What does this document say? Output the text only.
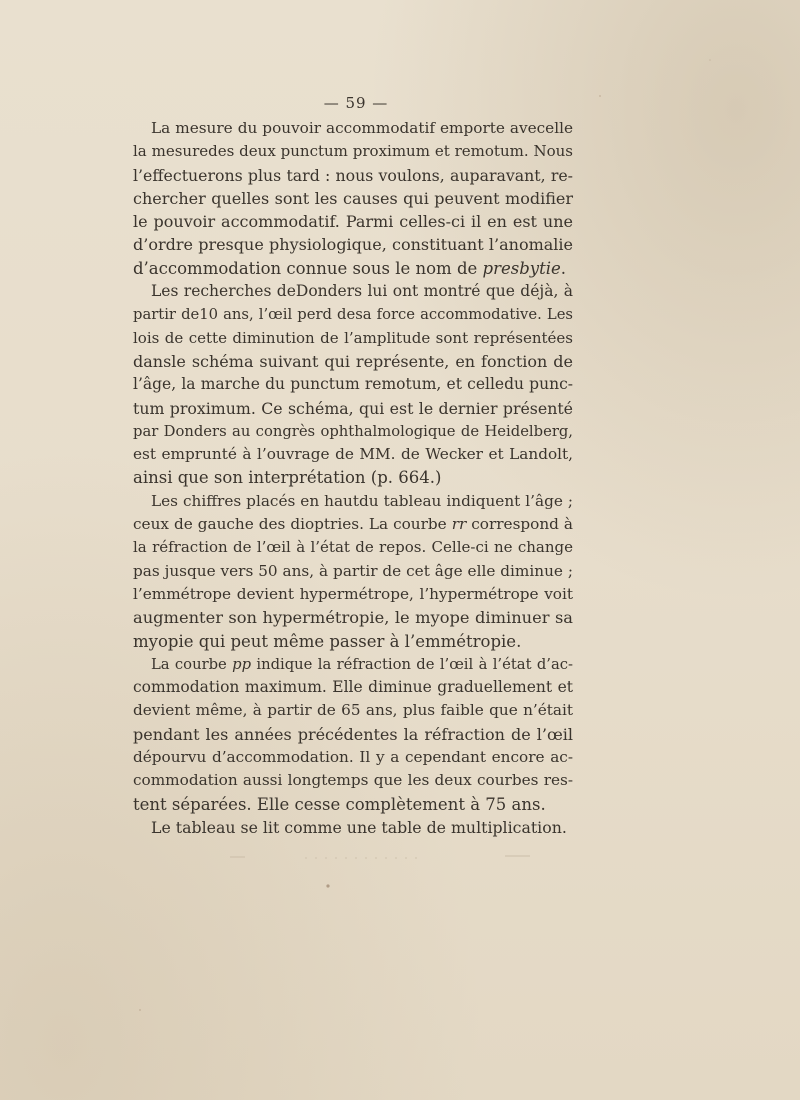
— 59 —
La mesure du pouvoir accommodatif emporte avecelle
la mesuredes deux punctum proximum et remotum. Nous
l’effectuerons plus tard : nous voulons, auparavant, re-
chercher quelles sont les causes qui peuvent modifier
le pouvoir accommodatif. Parmi celles-ci il en est une
d’ordre presque physiologique, constituant l’anomalie
d’accommodation connue sous le nom de presbytie.
Les recherches deDonders lui ont montré que déjà, à
partir de10 ans, l’œil perd desa force accommodative. Les
lois de cette diminution de l’amplitude sont représentées
dansle schéma suivant qui représente, en fonction de
l’âge, la marche du punctum remotum, et celledu punc-
tum proximum. Ce schéma, qui est le dernier présenté
par Donders au congrès ophthalmologique de Heidelberg,
est emprunté à l’ouvrage de MM. de Wecker et Landolt,
ainsi que son interprétation (p. 664.)
Les chiffres placés en hautdu tableau indiquent l’âge ;
ceux de gauche des dioptries. La courbe rr correspond à
la réfraction de l’œil à l’état de repos. Celle-ci ne change
pas jusque vers 50 ans, à partir de cet âge elle diminue ;
l’emmétrope devient hypermétrope, l’hypermétrope voit
augmenter son hypermétropie, le myope diminuer sa
myopie qui peut même passer à l’emmétropie.
La courbe pp indique la réfraction de l’œil à l’état d’ac-
commodation maximum. Elle diminue graduellement et
devient même, à partir de 65 ans, plus faible que n’était
pendant les années précédentes la réfraction de l’œil
dépourvu d’accommodation. Il y a cependant encore ac-
commodation aussi longtemps que les deux courbes res-
tent séparées. Elle cesse complètement à 75 ans.
Le tableau se lit comme une table de multiplication.
